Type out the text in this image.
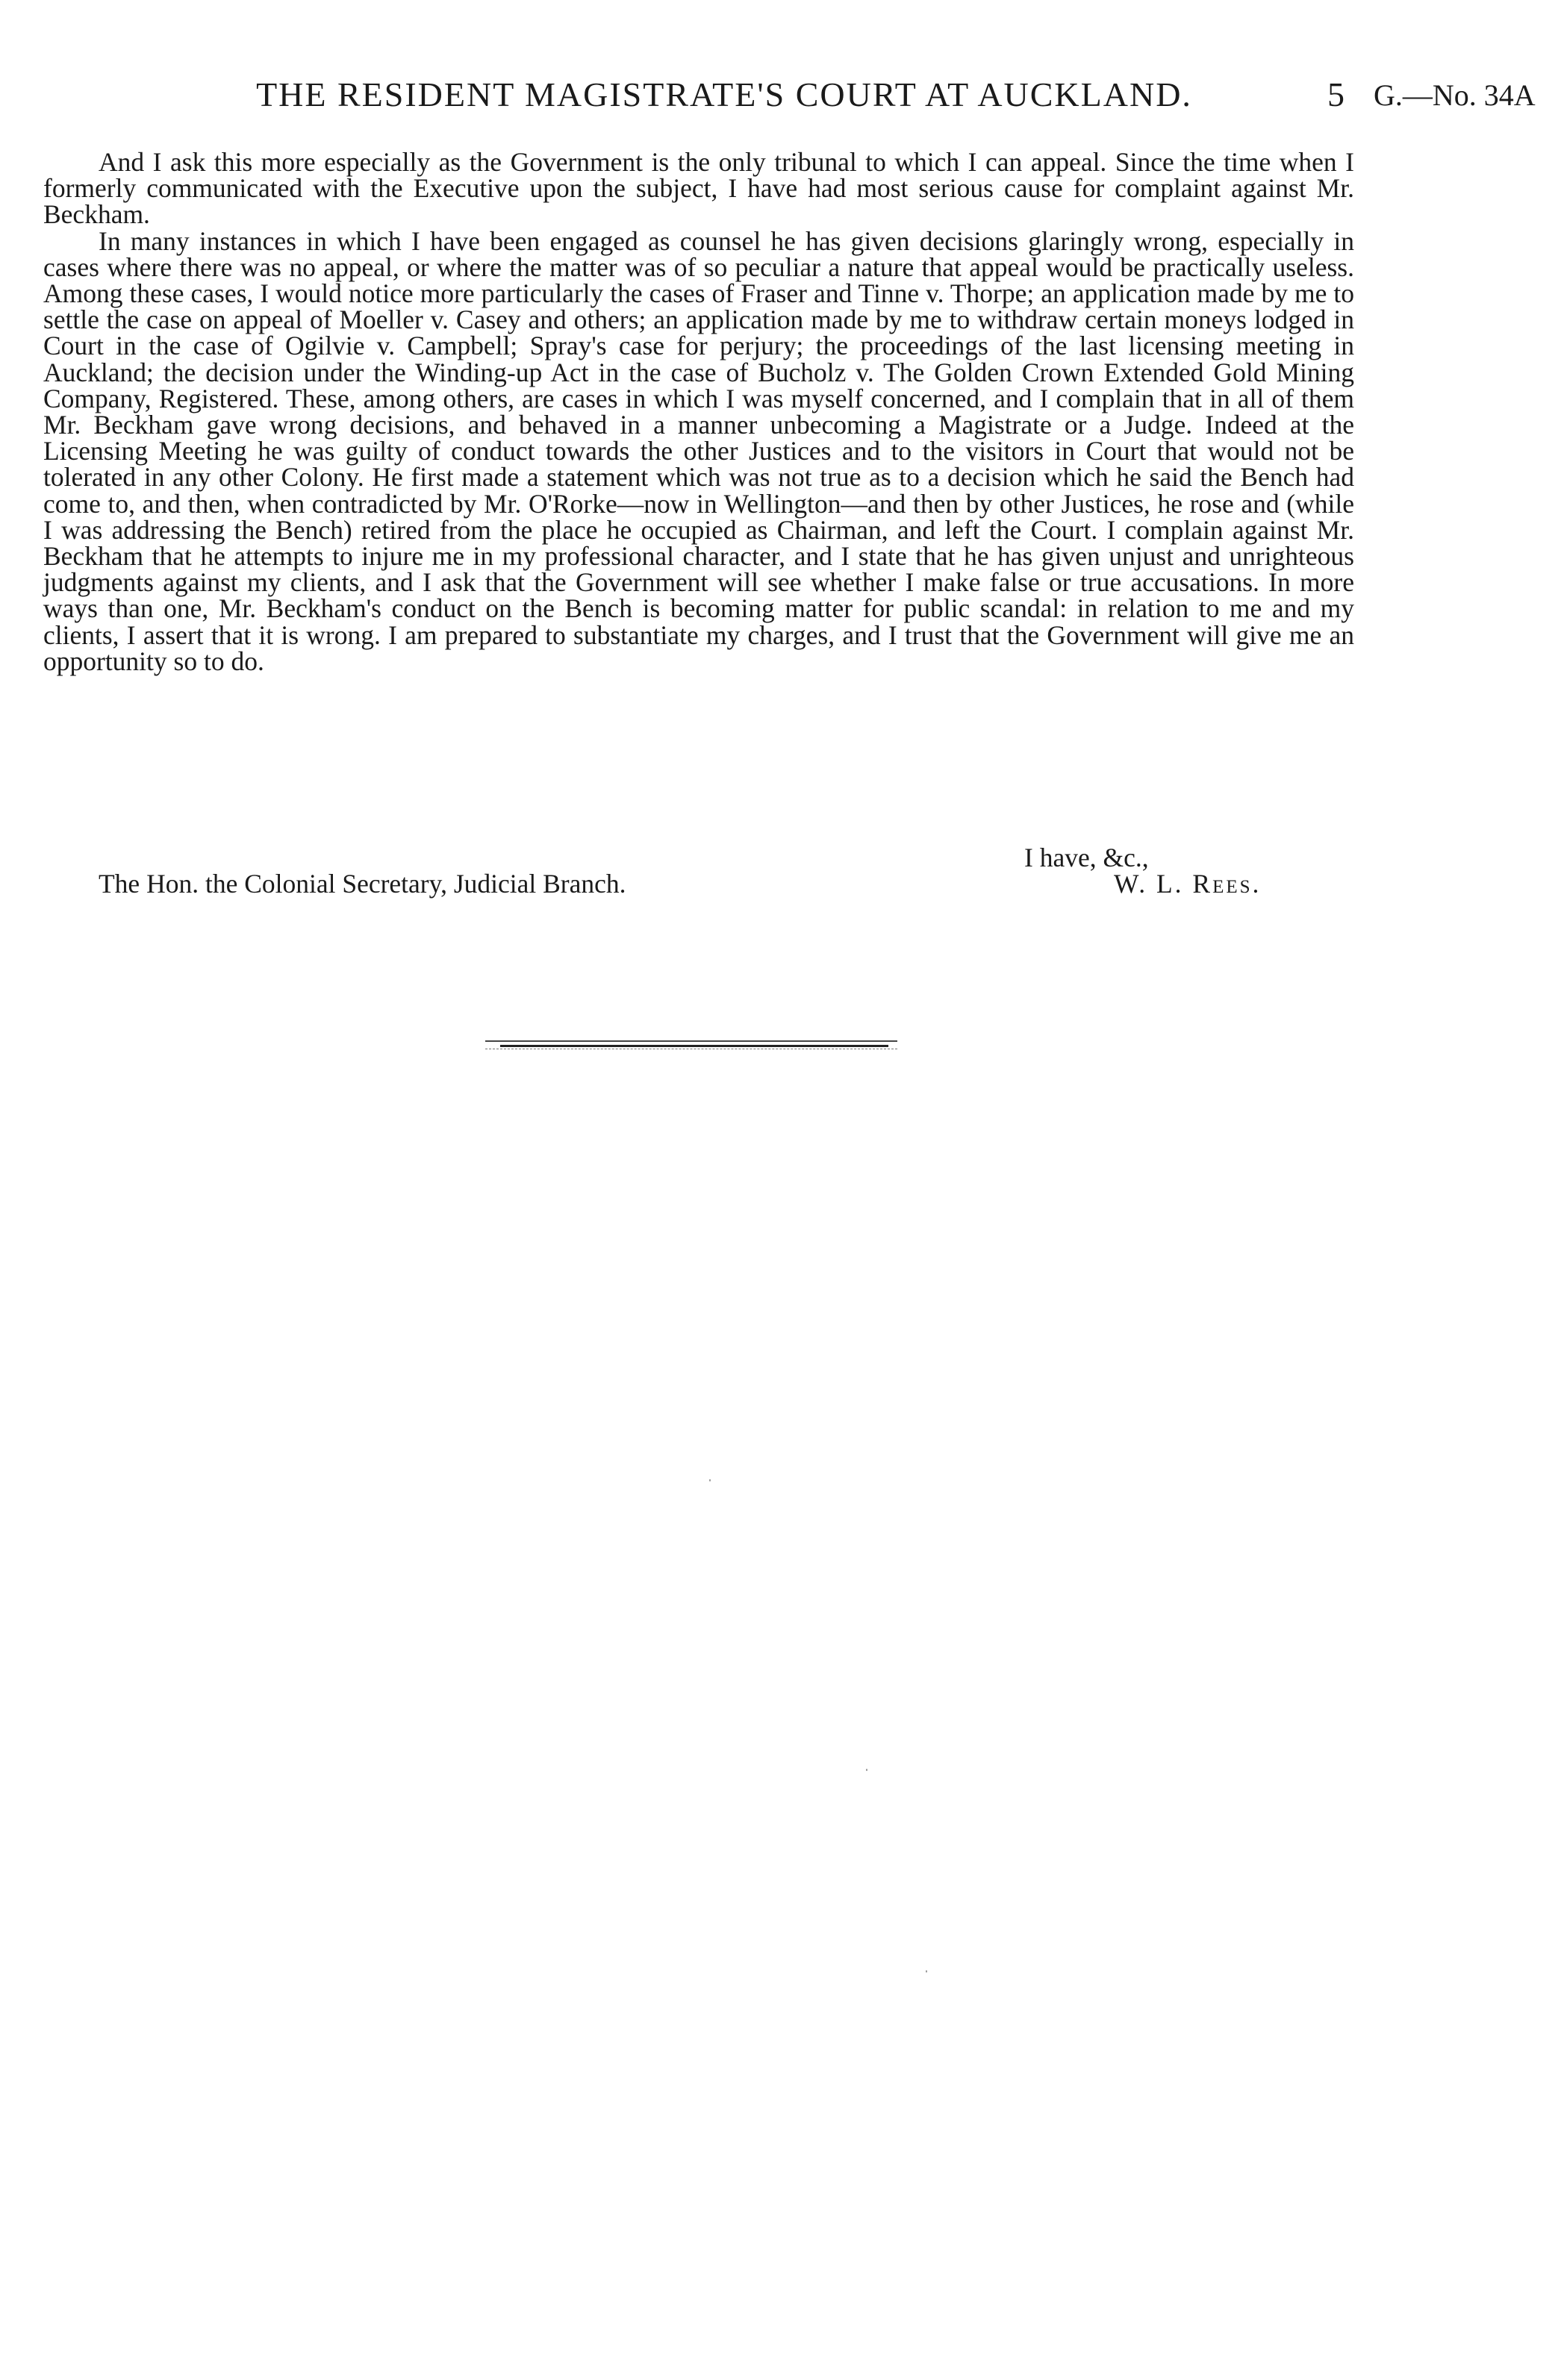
THE RESIDENT MAGISTRATE'S COURT AT AUCKLAND.	5 G.—No. 34A

And I ask this more especially as the Government is the only tribunal to which I can appeal. Since the time when I formerly communicated with the Executive upon the subject, I have had most serious cause for complaint against Mr. Beckham.

In many instances in which I have been engaged as counsel he has given decisions glaringly wrong, especially in cases where there was no appeal, or where the matter was of so peculiar a nature that appeal would be practically useless. Among these cases, I would notice more particularly the cases of Fraser and Tinne v. Thorpe; an application made by me to settle the case on appeal of Moeller v. Casey and others; an application made by me to withdraw certain moneys lodged in Court in the case of Ogilvie v. Campbell; Spray's case for perjury; the proceedings of the last licensing meeting in Auckland; the decision under the Winding-up Act in the case of Bucholz v. The Golden Crown Extended Gold Mining Company, Registered. These, among others, are cases in which I was myself concerned, and I complain that in all of them Mr. Beckham gave wrong decisions, and behaved in a manner unbecoming a Magistrate or a Judge. Indeed at the Licensing Meeting he was guilty of conduct towards the other Justices and to the visitors in Court that would not be tolerated in any other Colony. He first made a statement which was not true as to a decision which he said the Bench had come to, and then, when contradicted by Mr. O'Rorke—now in Wellington—and then by other Justices, he rose and (while I was addressing the Bench) retired from the place he occupied as Chairman, and left the Court. I complain against Mr. Beckham that he attempts to injure me in my professional character, and I state that he has given unjust and unrighteous judgments against my clients, and I ask that the Government will see whether I make false or true accusations. In more ways than one, Mr. Beckham's conduct on the Bench is becoming matter for public scandal: in relation to me and my clients, I assert that it is wrong. I am prepared to substantiate my charges, and I trust that the Government will give me an opportunity so to do.

I have, &c.,
The Hon. the Colonial Secretary, Judicial Branch.	W. L. Rees.
